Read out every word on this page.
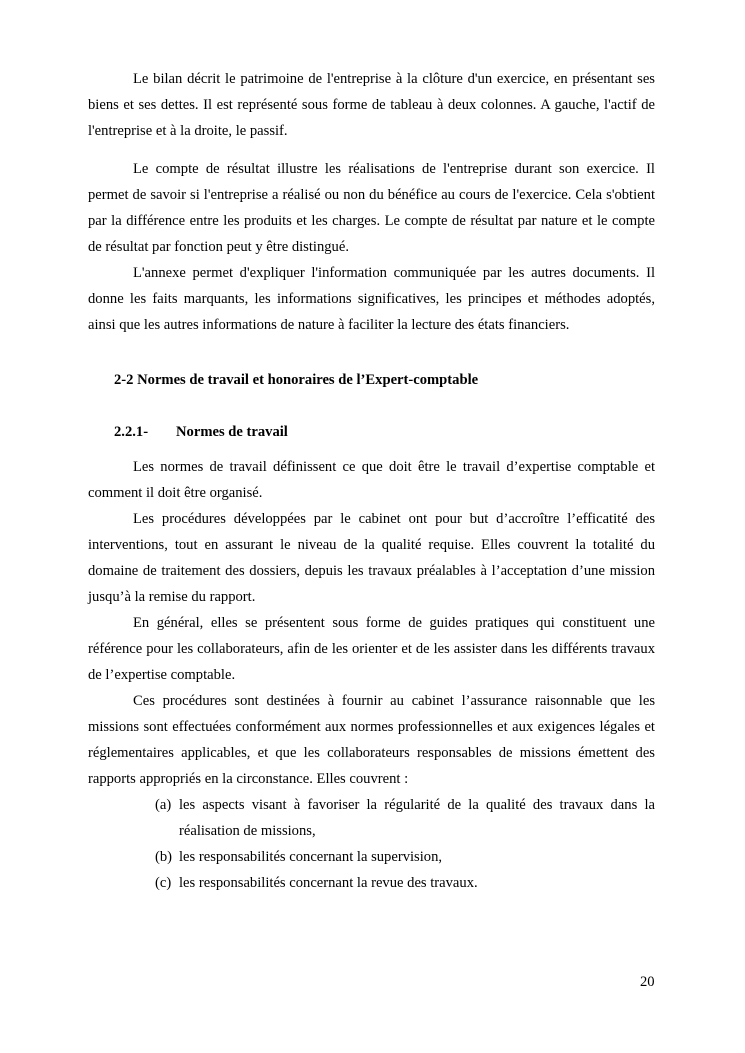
Le bilan décrit le patrimoine de l'entreprise à la clôture d'un exercice, en présentant ses biens et ses dettes. Il est représenté sous forme de tableau à deux colonnes. A gauche, l'actif de l'entreprise et à la droite, le passif.

Le compte de résultat illustre les réalisations de l'entreprise durant son exercice. Il permet de savoir si l'entreprise a réalisé ou non du bénéfice au cours de l'exercice. Cela s'obtient par la différence entre les produits et les charges. Le compte de résultat par nature et le compte de résultat par fonction peut y être distingué.

L'annexe permet d'expliquer l'information communiquée par les autres documents. Il donne les faits marquants, les informations significatives, les principes et méthodes adoptés, ainsi que les autres informations de nature à faciliter la lecture des états financiers.

2-2 Normes de travail et honoraires de l’Expert-comptable
2.2.1- Normes de travail

Les normes de travail définissent ce que doit être le travail d’expertise comptable et comment il doit être organisé.

Les procédures développées par le cabinet ont pour but d’accroître l’efficatité des interventions, tout en assurant le niveau de la qualité requise. Elles couvrent la totalité du domaine de traitement des dossiers, depuis les travaux préalables à l’acceptation d’une mission jusqu’à la remise du rapport.

En général, elles se présentent sous forme de guides pratiques qui constituent une référence pour les collaborateurs, afin de les orienter et de les assister dans les différents travaux de l’expertise comptable.

Ces procédures sont destinées à fournir au cabinet l’assurance raisonnable que les missions sont effectuées conformément aux normes professionnelles et aux exigences légales et réglementaires applicables, et que les collaborateurs responsables de missions émettent des rapports appropriés en la circonstance. Elles couvrent :

(a) les aspects visant à favoriser la régularité de la qualité des travaux dans la réalisation de missions,
(b) les responsabilités concernant la supervision,
(c) les responsabilités concernant la revue des travaux.
20
